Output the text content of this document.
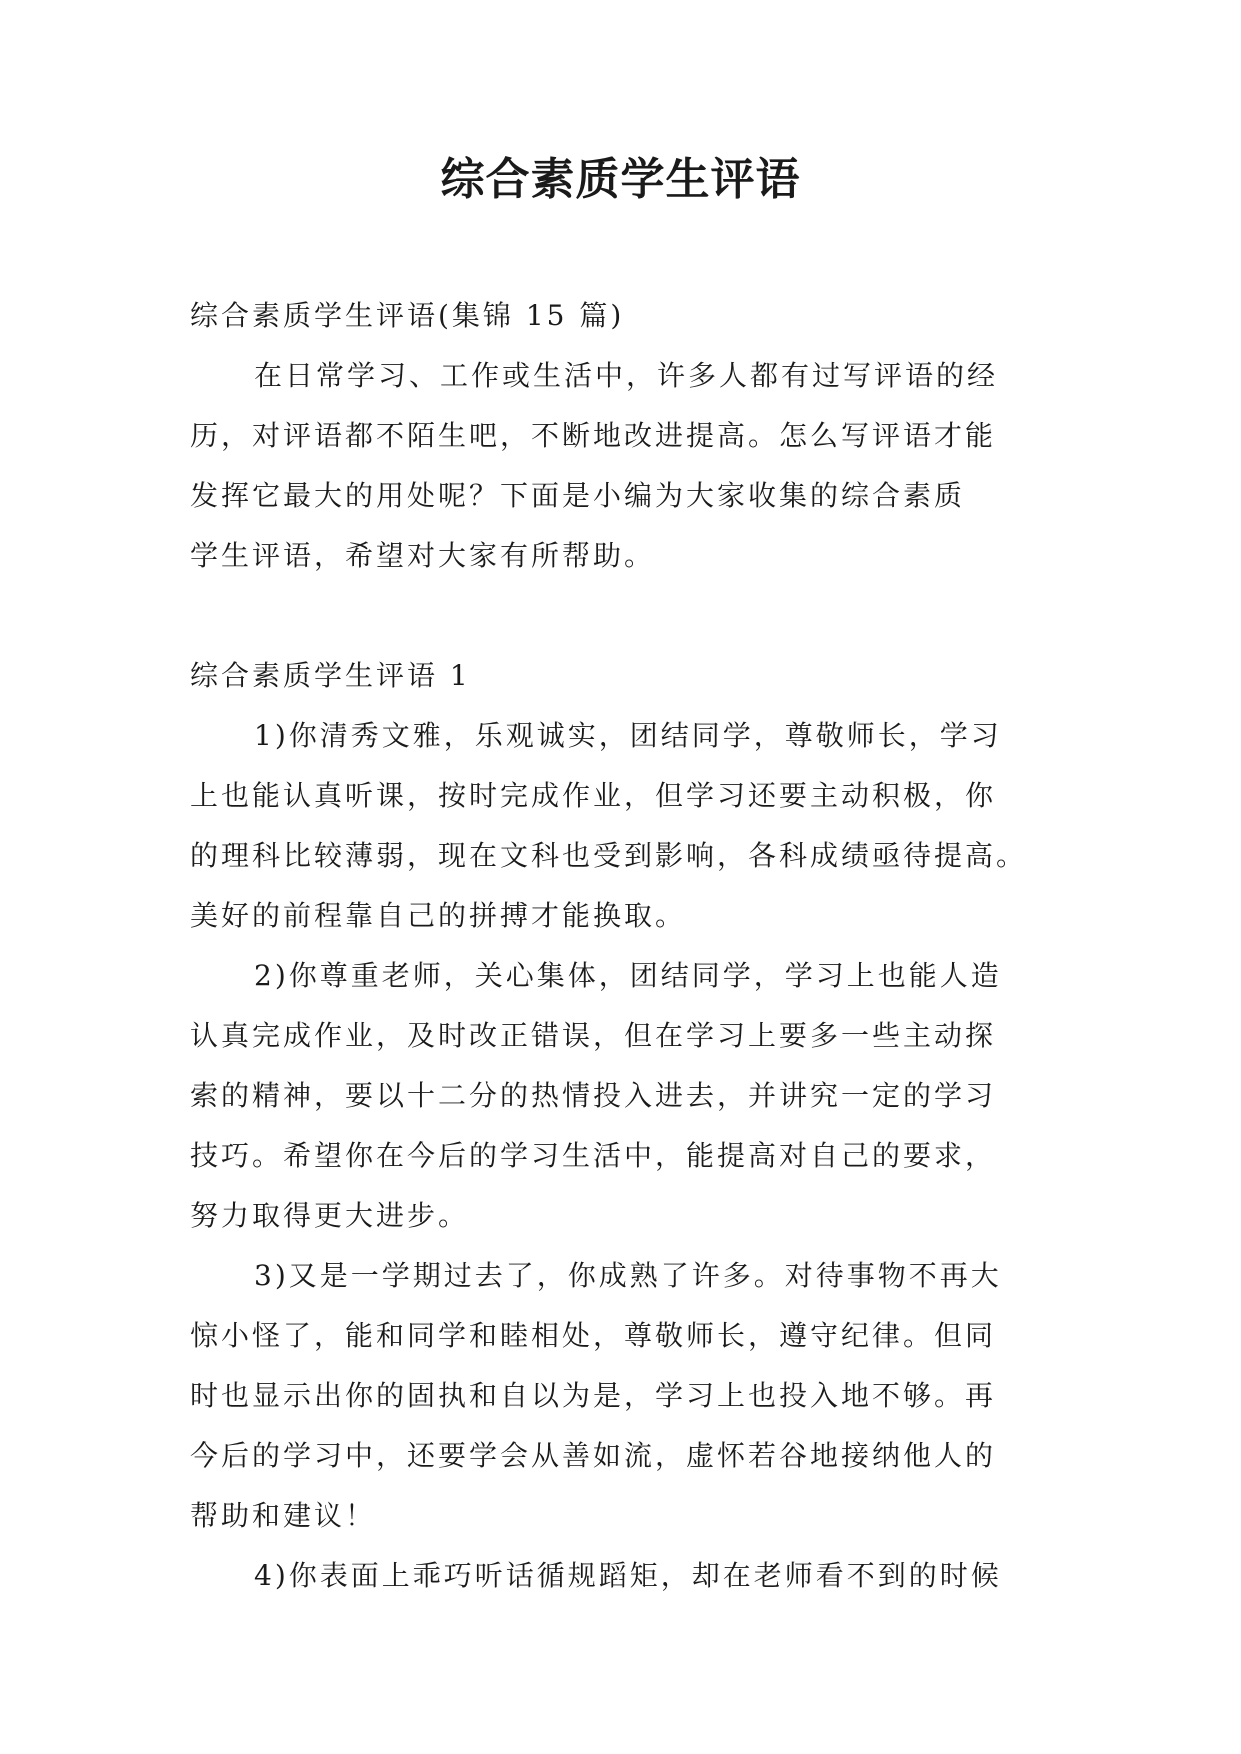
综合素质学生评语
综合素质学生评语(集锦 15 篇)
在日常学习、工作或生活中，许多人都有过写评语的经
历，对评语都不陌生吧，不断地改进提高。怎么写评语才能
发挥它最大的用处呢？下面是小编为大家收集的综合素质
学生评语，希望对大家有所帮助。
综合素质学生评语 1
1)你清秀文雅，乐观诚实，团结同学，尊敬师长，学习
上也能认真听课，按时完成作业，但学习还要主动积极，你
的理科比较薄弱，现在文科也受到影响，各科成绩亟待提高。
美好的前程靠自己的拼搏才能换取。
2)你尊重老师，关心集体，团结同学，学习上也能人造
认真完成作业，及时改正错误，但在学习上要多一些主动探
索的精神，要以十二分的热情投入进去，并讲究一定的学习
技巧。希望你在今后的学习生活中，能提高对自己的要求，
努力取得更大进步。
3)又是一学期过去了，你成熟了许多。对待事物不再大
惊小怪了，能和同学和睦相处，尊敬师长，遵守纪律。但同
时也显示出你的固执和自以为是，学习上也投入地不够。再
今后的学习中，还要学会从善如流，虚怀若谷地接纳他人的
帮助和建议！
4)你表面上乖巧听话循规蹈矩，却在老师看不到的时候
